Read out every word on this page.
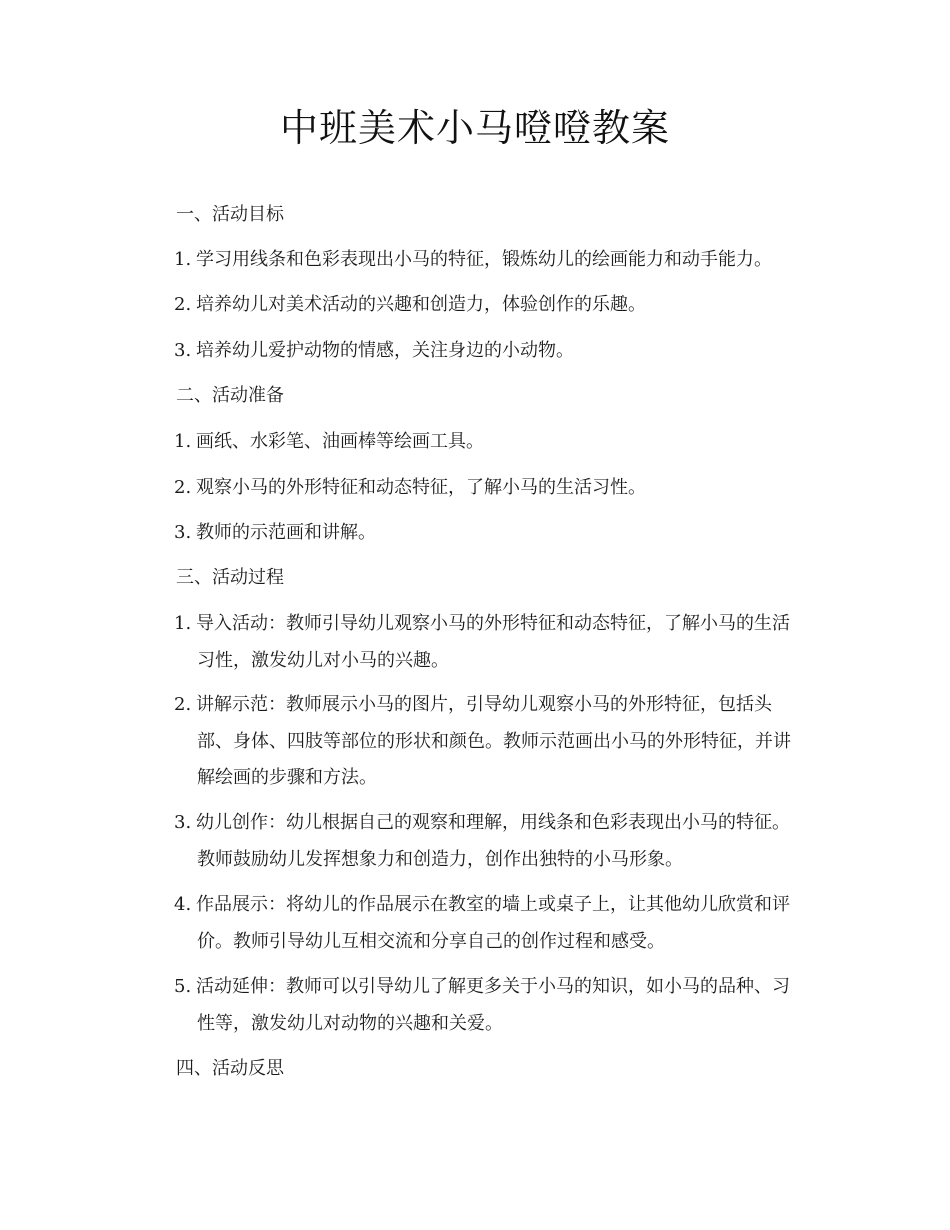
中班美术小马噔噔教案
一、活动目标
1. 学习用线条和色彩表现出小马的特征，锻炼幼儿的绘画能力和动手能力。
2. 培养幼儿对美术活动的兴趣和创造力，体验创作的乐趣。
3. 培养幼儿爱护动物的情感，关注身边的小动物。
二、活动准备
1. 画纸、水彩笔、油画棒等绘画工具。
2. 观察小马的外形特征和动态特征，了解小马的生活习性。
3. 教师的示范画和讲解。
三、活动过程
1. 导入活动：教师引导幼儿观察小马的外形特征和动态特征，了解小马的生活
习性，激发幼儿对小马的兴趣。
2. 讲解示范：教师展示小马的图片，引导幼儿观察小马的外形特征，包括头
部、身体、四肢等部位的形状和颜色。教师示范画出小马的外形特征，并讲
解绘画的步骤和方法。
3. 幼儿创作：幼儿根据自己的观察和理解，用线条和色彩表现出小马的特征。
教师鼓励幼儿发挥想象力和创造力，创作出独特的小马形象。
4. 作品展示：将幼儿的作品展示在教室的墙上或桌子上，让其他幼儿欣赏和评
价。教师引导幼儿互相交流和分享自己的创作过程和感受。
5. 活动延伸：教师可以引导幼儿了解更多关于小马的知识，如小马的品种、习
性等，激发幼儿对动物的兴趣和关爱。
四、活动反思
